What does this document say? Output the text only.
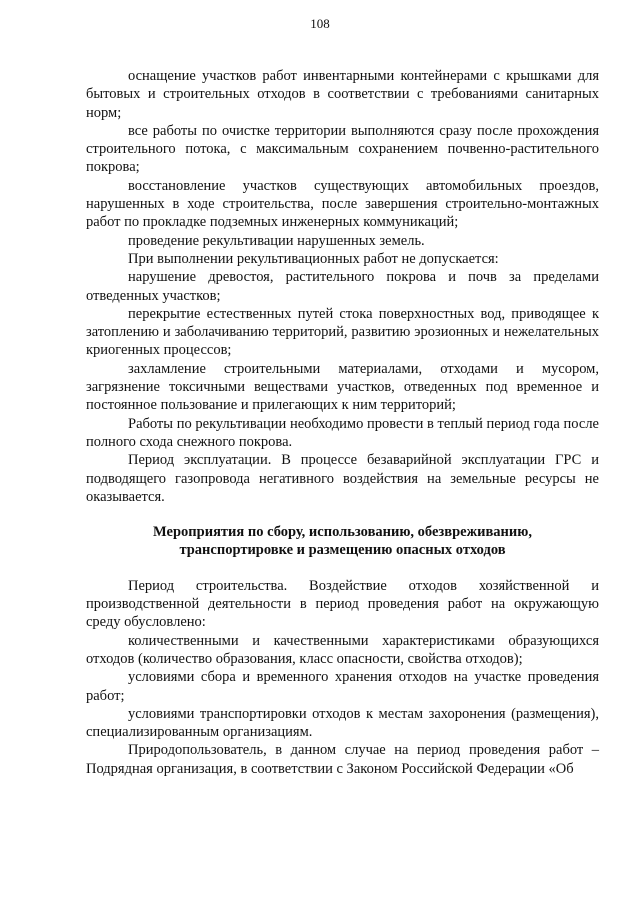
108

оснащение участков работ инвентарными контейнерами с крышками для бытовых и строительных отходов в соответствии с требованиями санитарных норм;

все работы по очистке территории выполняются сразу после прохождения строительного потока, с максимальным сохранением почвенно-растительного покрова;

восстановление участков существующих автомобильных проездов, нарушенных в ходе строительства, после завершения строительно-монтажных работ по прокладке подземных инженерных коммуникаций;

проведение рекультивации нарушенных земель.

При выполнении рекультивационных работ не допускается:

нарушение древостоя, растительного покрова и почв за пределами отведенных участков;

перекрытие естественных путей стока поверхностных вод, приводящее к затоплению и заболачиванию территорий, развитию эрозионных и нежелательных криогенных процессов;

захламление строительными материалами, отходами и мусором, загрязнение токсичными веществами участков, отведенных под временное и постоянное пользование и прилегающих к ним территорий;

Работы по рекультивации необходимо провести в теплый период года после полного схода снежного покрова.

Период эксплуатации. В процессе безаварийной эксплуатации ГРС и подводящего газопровода негативного воздействия на земельные ресурсы не оказывается.

Мероприятия по сбору, использованию, обезвреживанию,
транспортировке и размещению опасных отходов

Период строительства. Воздействие отходов хозяйственной и производственной деятельности в период проведения работ на окружающую среду обусловлено:

количественными и качественными характеристиками образующихся отходов (количество образования, класс опасности, свойства отходов);

условиями сбора и временного хранения отходов на участке проведения работ;

условиями транспортировки отходов к местам захоронения (размещения), специализированным организациям.

Природопользователь, в данном случае на период проведения работ – Подрядная организация, в соответствии с Законом Российской Федерации «Об
